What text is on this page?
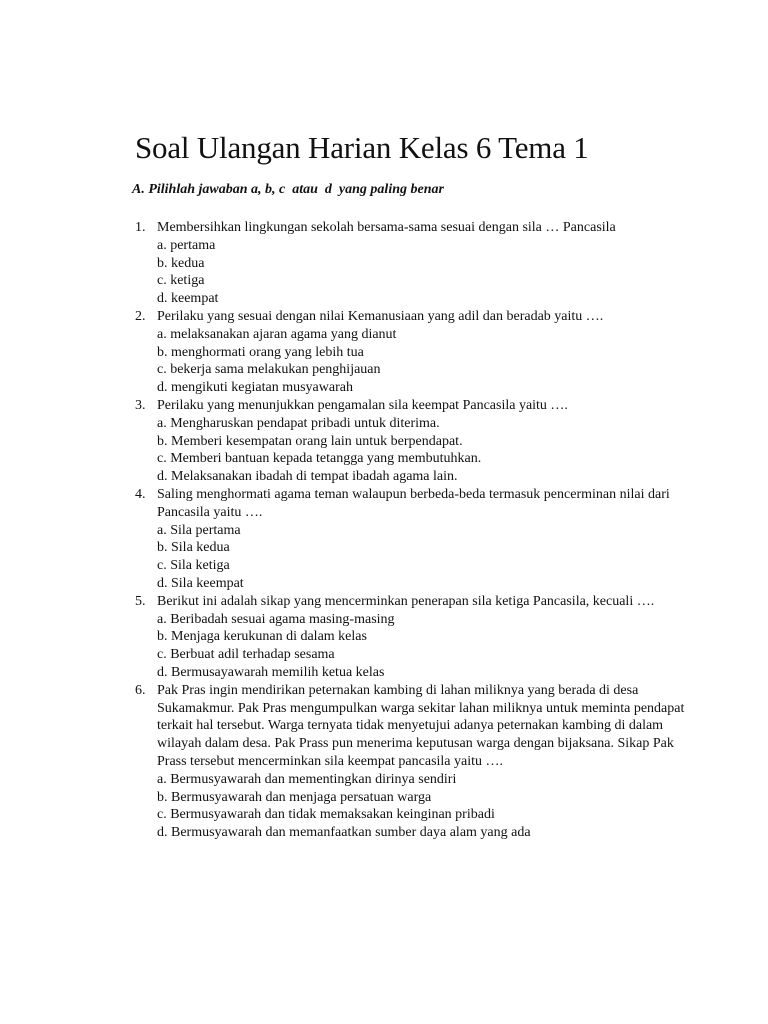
Soal Ulangan Harian Kelas 6 Tema 1

A. Pilihlah jawaban a, b, c  atau  d  yang paling benar

1. Membersihkan lingkungan sekolah bersama-sama sesuai dengan sila … Pancasila
a. pertama
b. kedua
c. ketiga
d. keempat
2. Perilaku yang sesuai dengan nilai Kemanusiaan yang adil dan beradab yaitu ….
a. melaksanakan ajaran agama yang dianut
b. menghormati orang yang lebih tua
c. bekerja sama melakukan penghijauan
d. mengikuti kegiatan musyawarah
3. Perilaku yang menunjukkan pengamalan sila keempat Pancasila yaitu ….
a. Mengharuskan pendapat pribadi untuk diterima.
b. Memberi kesempatan orang lain untuk berpendapat.
c. Memberi bantuan kepada tetangga yang membutuhkan.
d. Melaksanakan ibadah di tempat ibadah agama lain.
4. Saling menghormati agama teman walaupun berbeda-beda termasuk pencerminan nilai dari Pancasila yaitu ….
a. Sila pertama
b. Sila kedua
c. Sila ketiga
d. Sila keempat
5. Berikut ini adalah sikap yang mencerminkan penerapan sila ketiga Pancasila, kecuali ….
a. Beribadah sesuai agama masing-masing
b. Menjaga kerukunan di dalam kelas
c. Berbuat adil terhadap sesama
d. Bermusayawarah memilih ketua kelas
6. Pak Pras ingin mendirikan peternakan kambing di lahan miliknya yang berada di desa Sukamakmur. Pak Pras mengumpulkan warga sekitar lahan miliknya untuk meminta pendapat terkait hal tersebut. Warga ternyata tidak menyetujui adanya peternakan kambing di dalam wilayah dalam desa. Pak Prass pun menerima keputusan warga dengan bijaksana. Sikap Pak Prass tersebut mencerminkan sila keempat pancasila yaitu ….
a. Bermusyawarah dan mementingkan dirinya sendiri
b. Bermusyawarah dan menjaga persatuan warga
c. Bermusyawarah dan tidak memaksakan keinginan pribadi
d. Bermusyawarah dan memanfaatkan sumber daya alam yang ada
